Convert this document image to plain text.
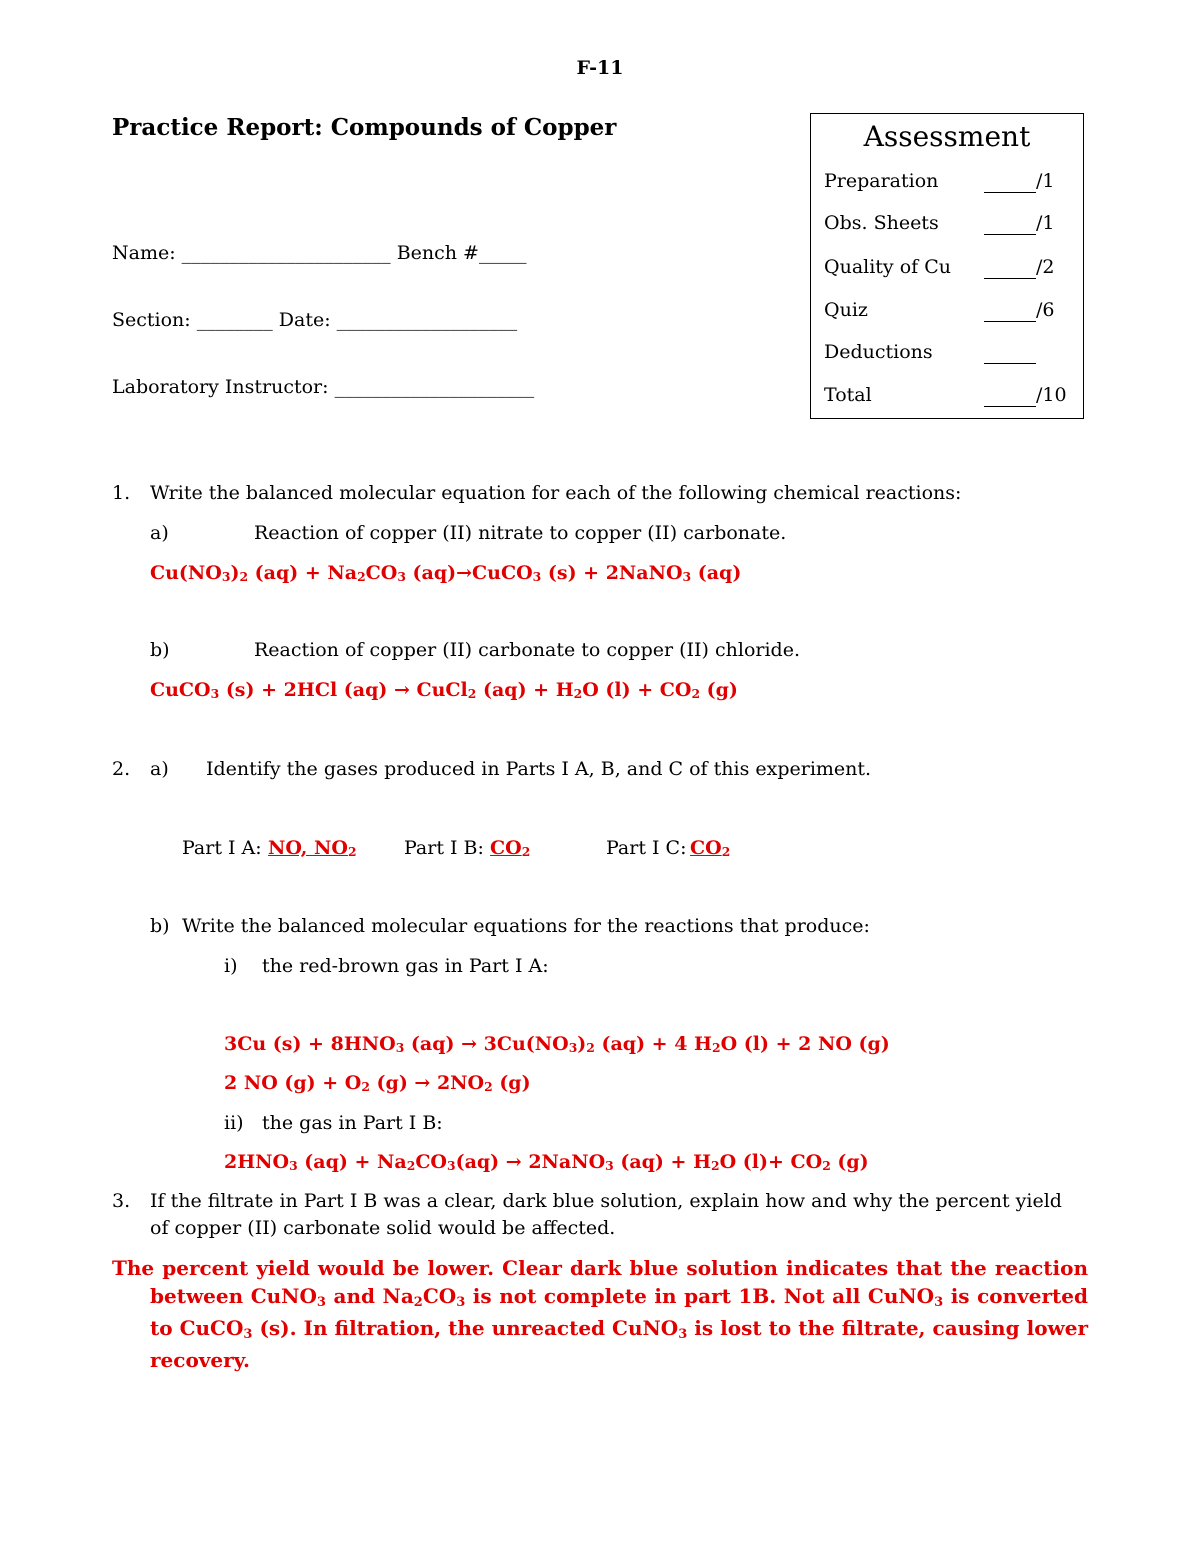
F-11
Practice Report: Compounds of Copper
Name: ______________________ Bench #_____
Section: ________ Date: ___________________
Laboratory Instructor: _____________________
Assessment
Preparation	/1
Obs. Sheets	/1
Quality of Cu	/2
Quiz	/6
Deductions
Total	/10
1. Write the balanced molecular equation for each of the following chemical reactions:
a)	Reaction of copper (II) nitrate to copper (II) carbonate.
$Cu(NO_3)_2$ $(aq) + Na_2CO_3$ (aq)→CuCO$_3$ (s) + 2NaNO$_3$ (aq)
b)	Reaction of copper (II) carbonate to copper (II) chloride.
CuCO$_3$ (s) + 2HCl (aq) → CuCl$_2$ $(aq) + H_2O$ $(l) + CO_2$ (g)
2. a) Identify the gases produced in Parts I A, B, and C of this experiment.
Part I A: NO, $NO_2$ Part I B: $CO_2$	Part I C: $CO_2$
b) Write the balanced molecular equations for the reactions that produce:
i) the red-brown gas in Part I A:
3Cu $(s) + 8HNO_3$ $(aq) \to 3Cu(NO_3)_2$ (aq) + 4 $H_2O$ (l) + 2 NO (g)
2 NO $(g) + O_2$ $(g) \to 2NO_2$ (g)
ii) the gas in Part I B:
$2HNO_3$ $(aq) + Na_2CO_3(aq)$ → 2NaNO$_3$ $(aq) + H_2O$ $(l)+ CO_2$ (g)
3. If the filtrate in Part I B was a clear, dark blue solution, explain how and why the percent yield
of copper (II) carbonate solid would be affected.
The percent yield would be lower. Clear dark blue solution indicates that the reaction between CuNO$_3$ and $Na_2CO_3$ is not complete in part 1B. Not all CuNO$_3$ is converted to CuCO$_3$ (s). In filtration, the unreacted CuNO$_3$ is lost to the filtrate, causing lower recovery.
